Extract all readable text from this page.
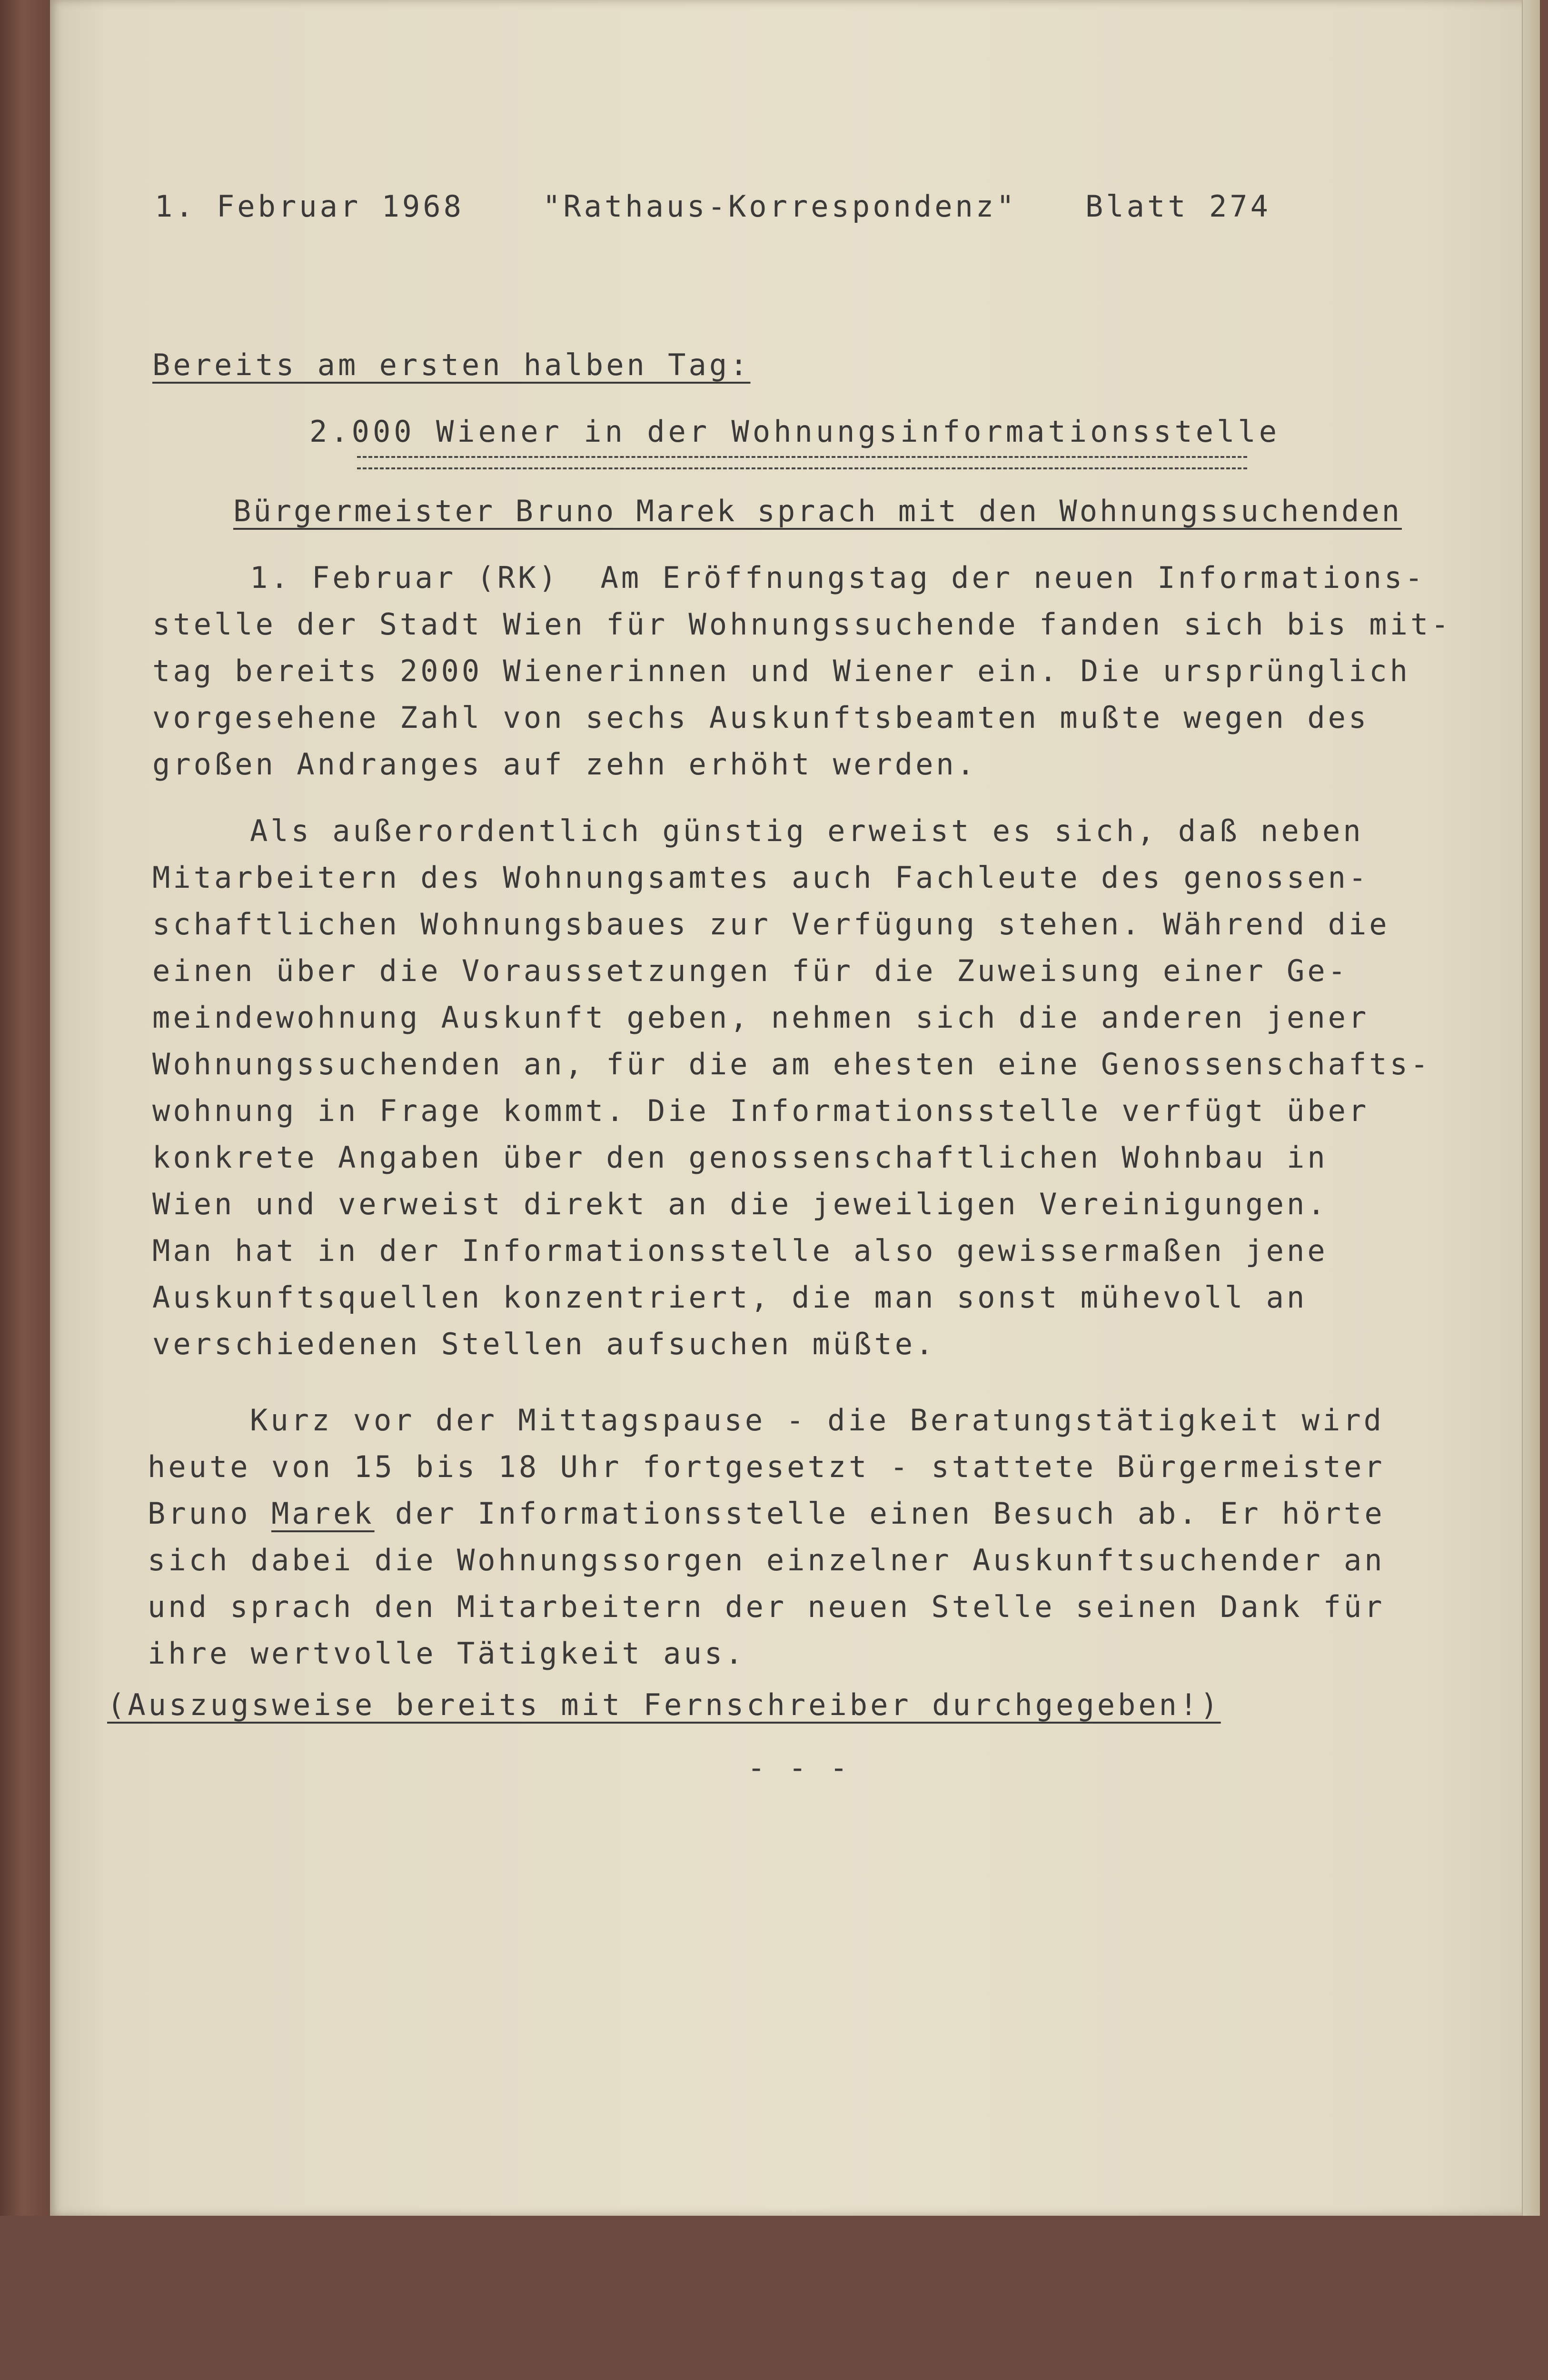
1. Februar 1968

	"Rathaus-Korrespondenz"

Blatt 274

Bereits am ersten halben Tag:

2.000 Wiener in der Wohnungsinformationsstelle

Bürgermeister Bruno Marek sprach mit den Wohnungssuchenden

1. Februar (RK)  Am Eröffnungstag der neuen Informations-

stelle der Stadt Wien für Wohnungssuchende fanden sich bis mit-

tag bereits 2000 Wienerinnen und Wiener ein. Die ursprünglich

vorgesehene Zahl von sechs Auskunftsbeamten mußte wegen des

großen Andranges auf zehn erhöht werden.

Als außerordentlich günstig erweist es sich, daß neben

Mitarbeitern des Wohnungsamtes auch Fachleute des genossen-

schaftlichen Wohnungsbaues zur Verfügung stehen. Während die

einen über die Voraussetzungen für die Zuweisung einer Ge-

meindewohnung Auskunft geben, nehmen sich die anderen jener

Wohnungssuchenden an, für die am ehesten eine Genossenschafts-

wohnung in Frage kommt. Die Informationsstelle verfügt über

konkrete Angaben über den genossenschaftlichen Wohnbau in

Wien und verweist direkt an die jeweiligen Vereinigungen.

Man hat in der Informationsstelle also gewissermaßen jene

Auskunftsquellen konzentriert, die man sonst mühevoll an

verschiedenen Stellen aufsuchen müßte.

Kurz vor der Mittagspause - die Beratungstätigkeit wird

heute von 15 bis 18 Uhr fortgesetzt - stattete Bürgermeister

Bruno Marek der Informationsstelle einen Besuch ab. Er hörte

sich dabei die Wohnungssorgen einzelner Auskunftsuchender an

und sprach den Mitarbeitern der neuen Stelle seinen Dank für

ihre wertvolle Tätigkeit aus.

(Auszugsweise bereits mit Fernschreiber durchgegeben!)

- - -
